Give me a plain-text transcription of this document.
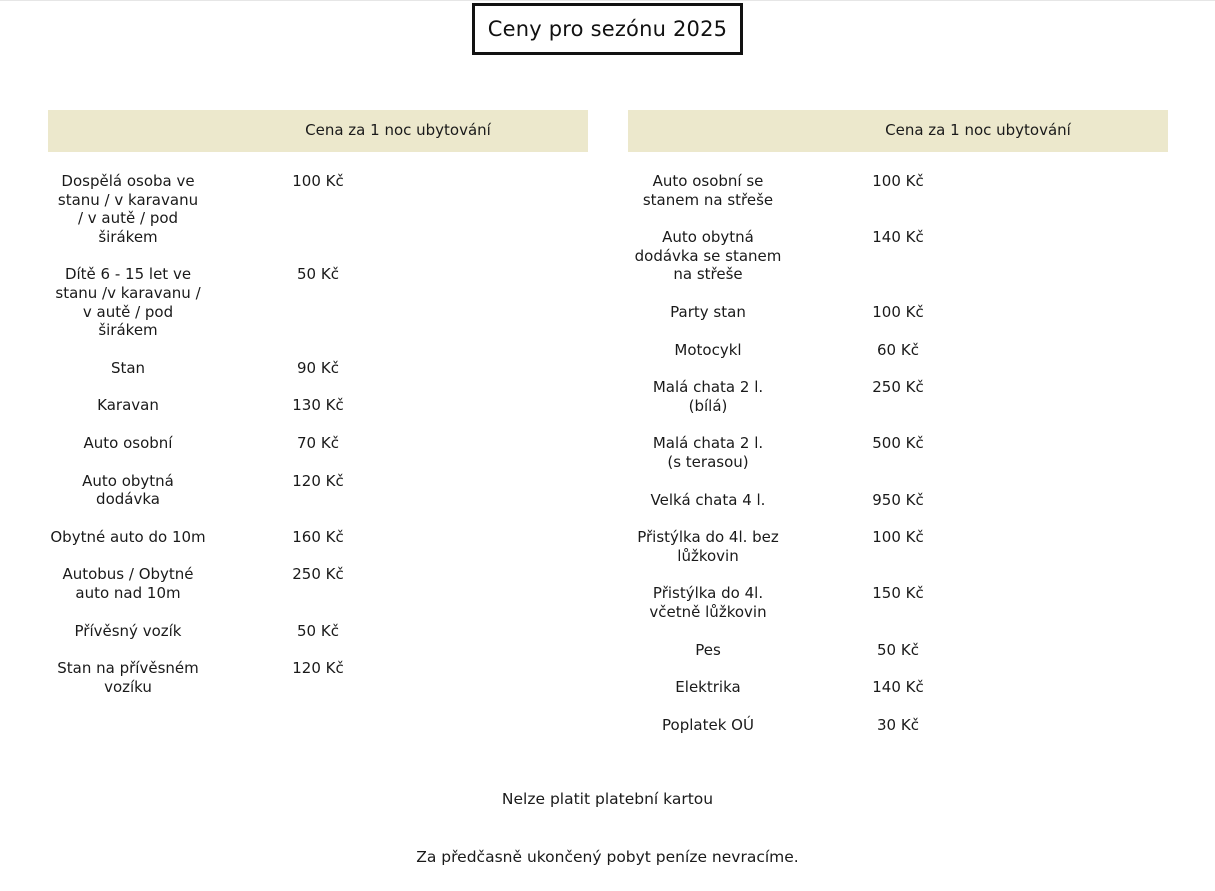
Ceny pro sezónu 2025
Cena za 1 noc ubytování
Dospělá osoba ve
stanu / v karavanu
/ v autě / pod
širákem
100 Kč
Dítě 6 - 15 let ve
stanu /v karavanu /
v autě / pod
širákem
50 Kč
Stan	90 Kč
Karavan	130 Kč
Auto osobní	70 Kč
Auto obytná
dodávka
120 Kč
Obytné auto do 10m	160 Kč
Autobus / Obytné
auto nad 10m
250 Kč
Přívěsný vozík	50 Kč
Stan na přívěsném
vozíku
120 Kč
Cena za 1 noc ubytování
Auto osobní se
stanem na střeše
100 Kč
Auto obytná
dodávka se stanem
na střeše
140 Kč
Party stan	100 Kč
Motocykl	60 Kč
Malá chata 2 l.
(bílá)
250 Kč
Malá chata 2 l.
(s terasou)
500 Kč
Velká chata 4 l.	950 Kč
Přistýlka do 4l. bez
lůžkovin
100 Kč
Přistýlka do 4l.
včetně lůžkovin
150 Kč
Pes	50 Kč
Elektrika	140 Kč
Poplatek OÚ	30 Kč
Nelze platit platební kartou
Za předčasně ukončený pobyt peníze nevracíme.
